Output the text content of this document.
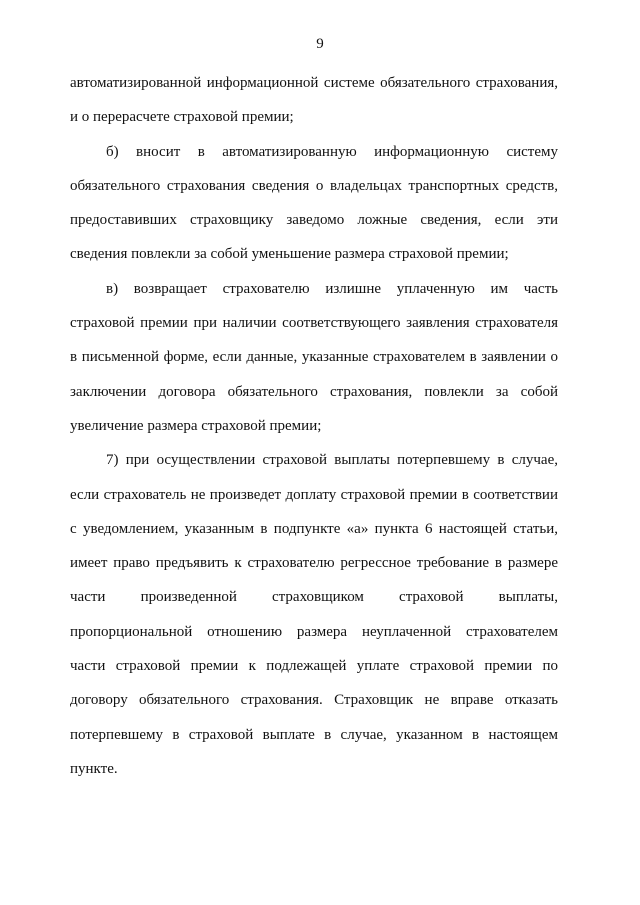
9
автоматизированной информационной системе обязательного страхования,
и о перерасчете страховой премии;
б) вносит в автоматизированную информационную систему
обязательного страхования сведения о владельцах транспортных средств,
предоставивших страховщику заведомо ложные сведения, если эти
сведения повлекли за собой уменьшение размера страховой премии;
в) возвращает страхователю излишне уплаченную им часть
страховой премии при наличии соответствующего заявления страхователя
в письменной форме, если данные, указанные страхователем в заявлении о
заключении договора обязательного страхования, повлекли за собой
увеличение размера страховой премии;
7) при осуществлении страховой выплаты потерпевшему в случае,
если страхователь не произведет доплату страховой премии в соответствии
с уведомлением, указанным в подпункте «а» пункта 6 настоящей статьи,
имеет право предъявить к страхователю регрессное требование в размере
части произведенной страховщиком страховой выплаты,
пропорциональной отношению размера неуплаченной страхователем
части страховой премии к подлежащей уплате страховой премии по
договору обязательного страхования. Страховщик не вправе отказать
потерпевшему в страховой выплате в случае, указанном в настоящем
пункте.
